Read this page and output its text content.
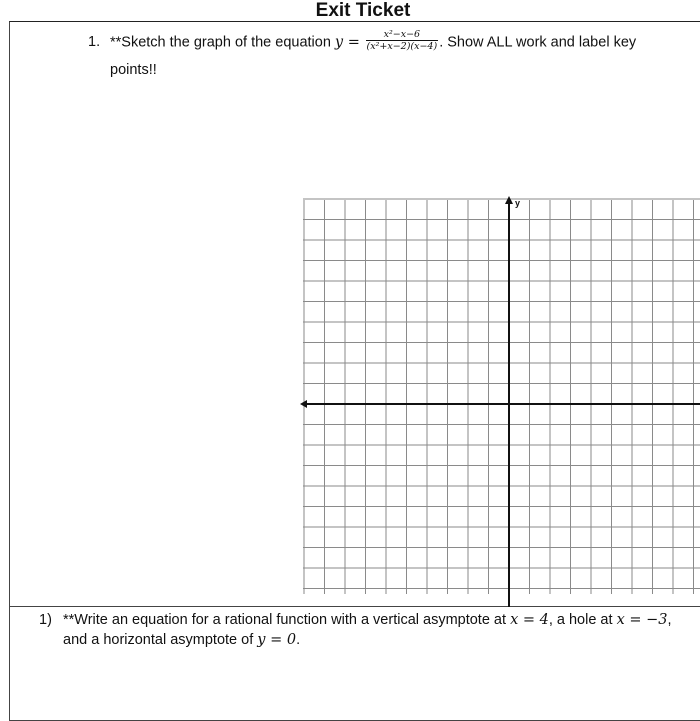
Exit Ticket
1. **Sketch the graph of the equation $y = \frac{\text{x²−x−6}}{\text{(x²+x−2)(x−4)}}$ . Show ALL work and label key
points!!
y
1) **Write an equation for a rational function with a vertical asymptote at x = 4, a hole at x = −3,
and a horizontal asymptote of y = 0.
